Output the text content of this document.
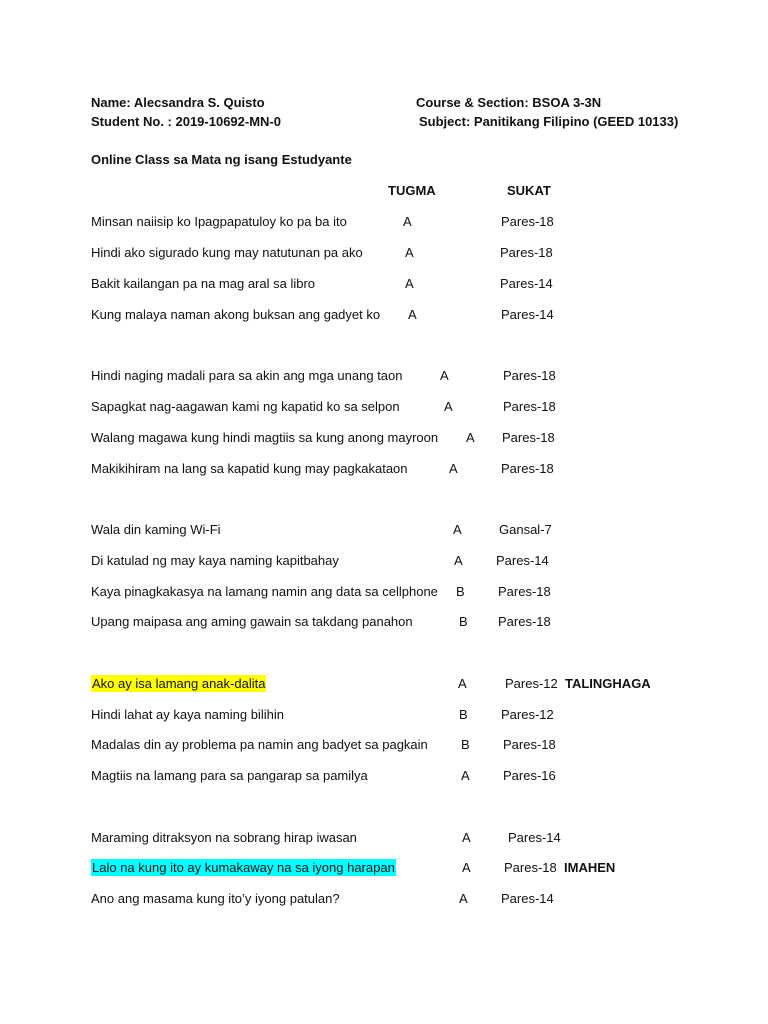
Name: Alecsandra S. Quisto
Student No. : 2019-10692-MN-0
Course & Section: BSOA 3-3N
Subject: Panitikang Filipino (GEED 10133)
Online Class sa Mata ng isang Estudyante
TUGMA	SUKAT
Minsan naiisip ko Ipagpapatuloy ko pa ba ito	A	Pares-18
Hindi ako sigurado kung may natutunan pa ako	A	Pares-18
Bakit kailangan pa na mag aral sa libro	A	Pares-14
Kung malaya naman akong buksan ang gadyet ko A	Pares-14
Hindi naging madali para sa akin ang mga unang taon	A	Pares-18
Sapagkat nag-aagawan kami ng kapatid ko sa selpon	A	Pares-18
Walang magawa kung hindi magtiis sa kung anong mayroon A Pares-18
Makikihiram na lang sa kapatid kung may pagkakataon	A	Pares-18
Wala din kaming Wi-Fi	A	Gansal-7
Di katulad ng may kaya naming kapitbahay	A	Pares-14
Kaya pinagkakasya na lamang namin ang data sa cellphone B	Pares-18
Upang maipasa ang aming gawain sa takdang panahon	B Pares-18
Ako ay isa lamang anak-dalita	A	Pares-12 TALINGHAGA
Hindi lahat ay kaya naming bilihin	B	Pares-12
Madalas din ay problema pa namin ang badyet sa pagkain	B	Pares-18
Magtiis na lamang para sa pangarap sa pamilya	A	Pares-16
Maraming ditraksyon na sobrang hirap iwasan	A	Pares-14
Lalo na kung ito ay kumakaway na sa iyong harapan	A	Pares-18 IMAHEN
Ano ang masama kung ito’y iyong patulan?	A	Pares-14
